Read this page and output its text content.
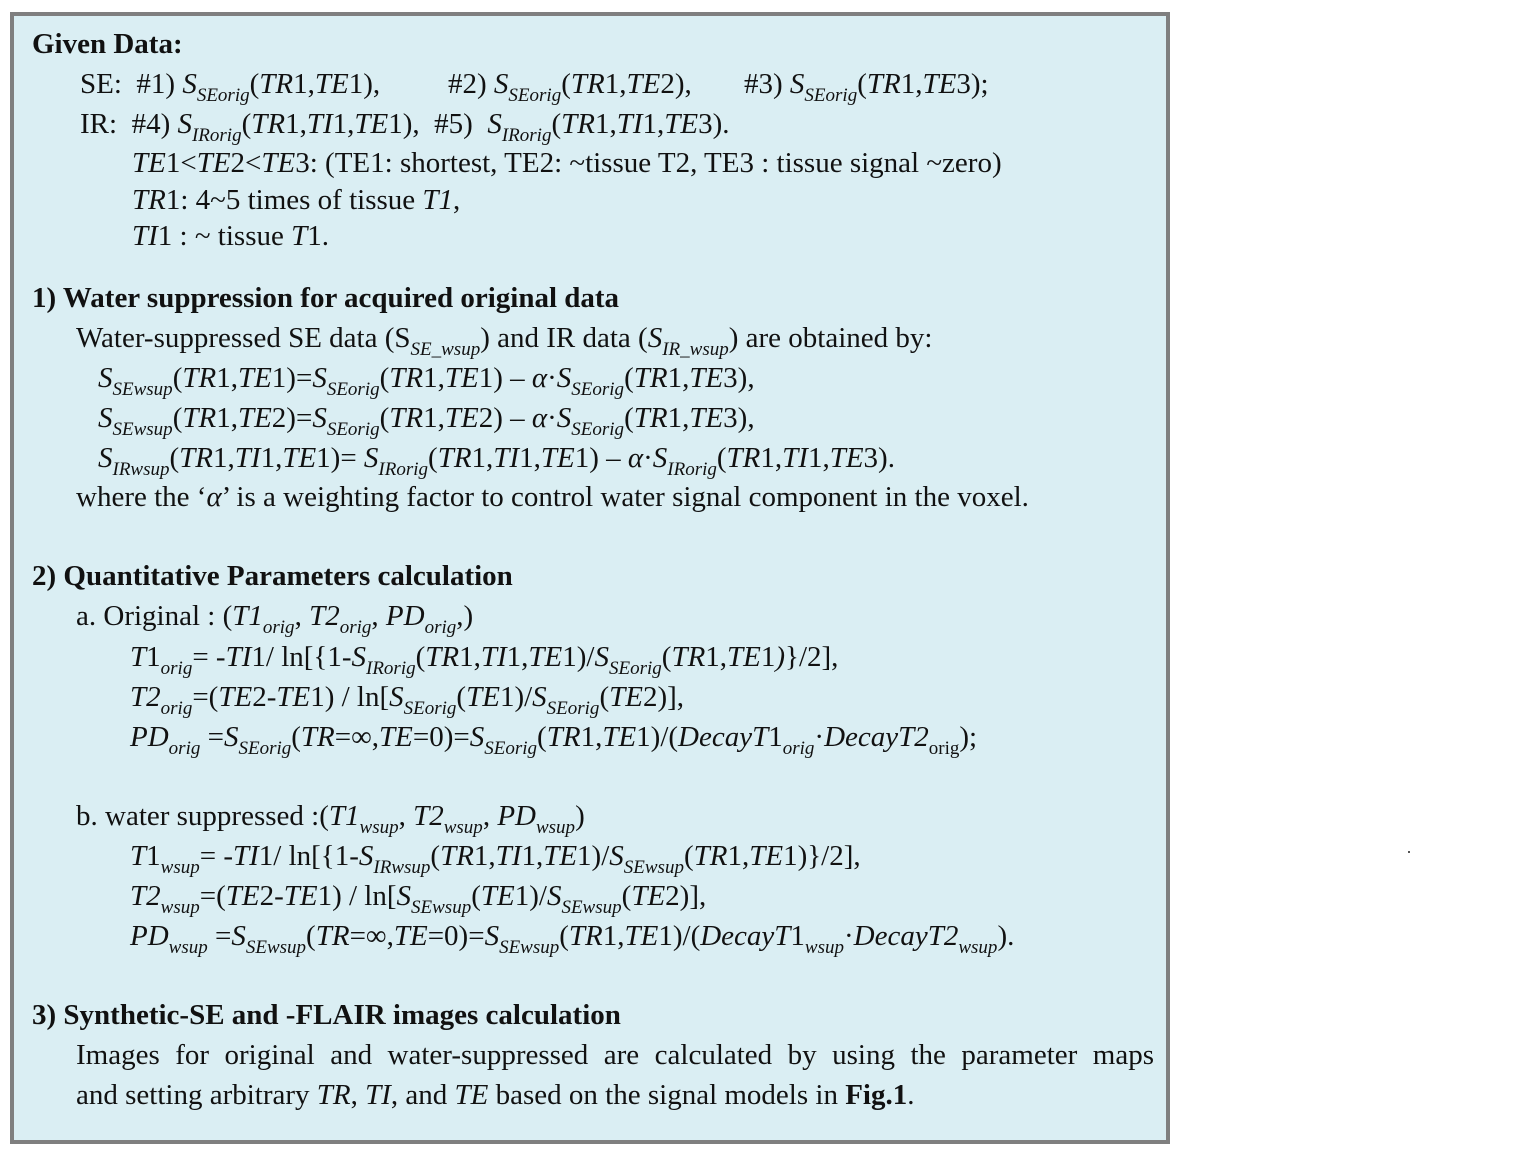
Given Data:
SE: #1) $S_{SEorig}(TR1,TE1)$, #2) $S_{SEorig}(TR1,TE2)$, #3) $S_{SEorig}(TR1,TE3)$;
IR: #4) $S_{IRorig}(TR1,TI1,TE1)$,  #5) $S_{IRorig}(TR1,TI1,TE3)$.
TE1<TE2<TE3: (TE1: shortest, TE2: ~tissue T2, TE3 : tissue signal ~zero)
TR1: 4~5 times of tissue T1,
TI1 : ~ tissue T1.
1) Water suppression for acquired original data
Water-suppressed SE data $(S_{SE\_wsup})$ and IR data $(S_{IR\_wsup})$ are obtained by:
$S_{SEwsup}(TR1,TE1)=S_{SEorig}(TR1,TE1) - \alpha\cdot S_{SEorig}(TR1,TE3)$,
$S_{SEwsup}(TR1,TE2)=S_{SEorig}(TR1,TE2) - \alpha\cdot S_{SEorig}(TR1,TE3)$,
$S_{IRwsup}(TR1,TI1,TE1)= S_{IRorig}(TR1,TI1,TE1) - \alpha\cdot S_{IRorig}(TR1,TI1,TE3)$.
where the ‘α’ is a weighting factor to control water signal component in the voxel.
2) Quantitative Parameters calculation
a. Original : ($T1_{orig}$, $T2_{orig}$, $PD_{orig}$,)
$T1_{orig}= -TI1/$ $\ln[\{1-S_{IRorig}(TR1,TI1,TE1)/S_{SEorig}(TR1,TE1)\}/2]$,
$T2_{orig}=(TE2-TE1) / \ln[S_{SEorig}(TE1)/S_{SEorig}(TE2)]$,
$PD_{orig}$ $=S_{SEorig}(TR=\infty,TE=0)=S_{SEorig}(TR1,TE1)/(DecayT1_{orig}\cdot DecayT2_{orig})$;
b. water suppressed $:(T1_{wsup}$, $T2_{wsup}$, $PD_{wsup}$)
$T1_{wsup}= -TI1/$ $\ln[\{1-S_{IRwsup}(TR1,TI1,TE1)/S_{SEwsup}(TR1,TE1)\}/2]$,
$T2_{wsup}=(TE2-TE1) / \ln[S_{SEwsup}(TE1)/S_{SEwsup}(TE2)]$,
$PD_{wsup}$ $=S_{SEwsup}(TR=\infty,TE=0)=S_{SEwsup}(TR1,TE1)/(DecayT1_{wsup}\cdot DecayT2_{wsup})$.
3) Synthetic-SE and -FLAIR images calculation
Images for original and water-suppressed are calculated by using the parameter maps
and setting arbitrary TR, TI, and TE based on the signal models in Fig.1.
